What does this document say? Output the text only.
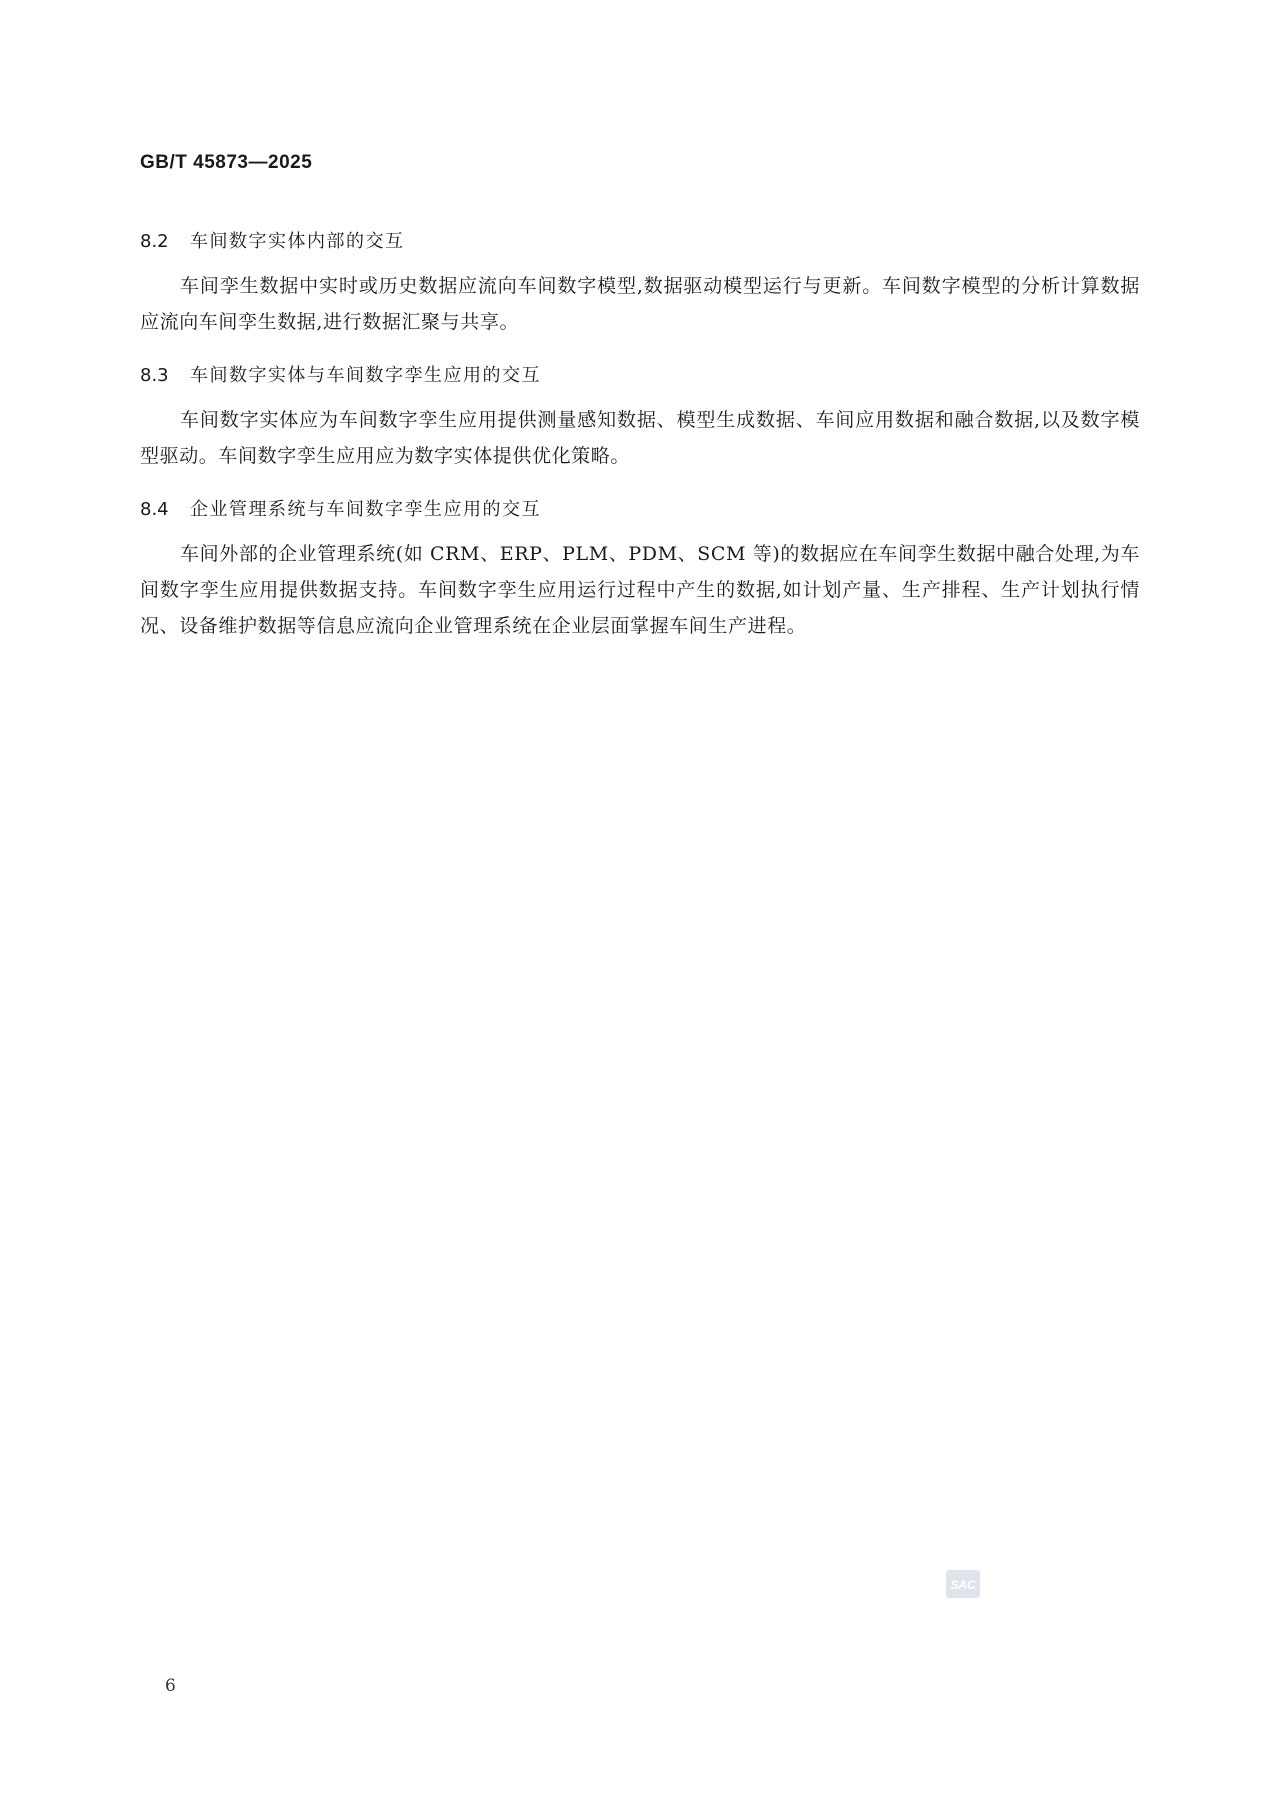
GB/T 45873—2025
8.2 车间数字实体内部的交互

车间孪生数据中实时或历史数据应流向车间数字模型,数据驱动模型运行与更新。车间数字模型的分析计算数据应流向车间孪生数据,进行数据汇聚与共享。

8.3 车间数字实体与车间数字孪生应用的交互

车间数字实体应为车间数字孪生应用提供测量感知数据、模型生成数据、车间应用数据和融合数据,以及数字模型驱动。车间数字孪生应用应为数字实体提供优化策略。

8.4 企业管理系统与车间数字孪生应用的交互

车间外部的企业管理系统(如 CRM、ERP、PLM、PDM、SCM 等)的数据应在车间孪生数据中融合处理,为车间数字孪生应用提供数据支持。车间数字孪生应用运行过程中产生的数据,如计划产量、生产排程、生产计划执行情况、设备维护数据等信息应流向企业管理系统在企业层面掌握车间生产进程。

SAC
6
